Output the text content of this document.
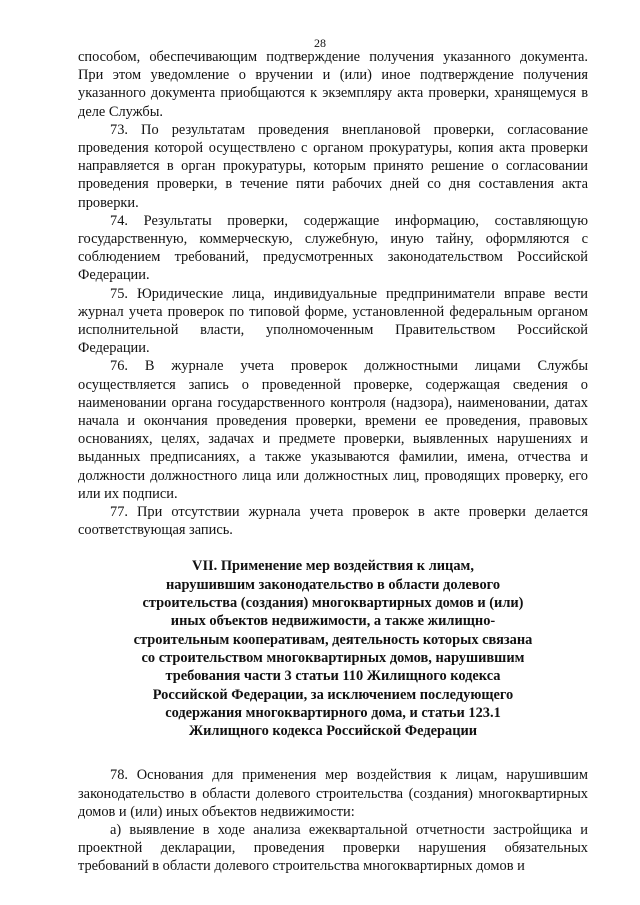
28

способом, обеспечивающим подтверждение получения указанного документа. При этом уведомление о вручении и (или) иное подтверждение получения указанного документа приобщаются к экземпляру акта проверки, хранящемуся в деле Службы.

73. По результатам проведения внеплановой проверки, согласование проведения которой осуществлено с органом прокуратуры, копия акта проверки направляется в орган прокуратуры, которым принято решение о согласовании проведения проверки, в течение пяти рабочих дней со дня составления акта проверки.

74. Результаты проверки, содержащие информацию, составляющую государственную, коммерческую, служебную, иную тайну, оформляются с соблюдением требований, предусмотренных законодательством Российской Федерации.

75. Юридические лица, индивидуальные предприниматели вправе вести журнал учета проверок по типовой форме, установленной федеральным органом исполнительной власти, уполномоченным Правительством Российской Федерации.

76. В журнале учета проверок должностными лицами Службы осуществляется запись о проведенной проверке, содержащая сведения о наименовании органа государственного контроля (надзора), наименовании, датах начала и окончания проведения проверки, времени ее проведения, правовых основаниях, целях, задачах и предмете проверки, выявленных нарушениях и выданных предписаниях, а также указываются фамилии, имена, отчества и должности должностного лица или должностных лиц, проводящих проверку, его или их подписи.

77. При отсутствии журнала учета проверок в акте проверки делается соответствующая запись.

VII. Применение мер воздействия к лицам,
нарушившим законодательство в области долевого
строительства (создания) многоквартирных домов и (или)
иных объектов недвижимости, а также жилищно-
строительным кооперативам, деятельность которых связана
со строительством многоквартирных домов, нарушившим
требования части 3 статьи 110 Жилищного кодекса
Российской Федерации, за исключением последующего
содержания многоквартирного дома, и статьи 123.1
Жилищного кодекса Российской Федерации

78. Основания для применения мер воздействия к лицам, нарушившим законодательство в области долевого строительства (создания) многоквартирных домов и (или) иных объектов недвижимости:

а) выявление в ходе анализа ежеквартальной отчетности застройщика и проектной декларации, проведения проверки нарушения обязательных требований в области долевого строительства многоквартирных домов и
